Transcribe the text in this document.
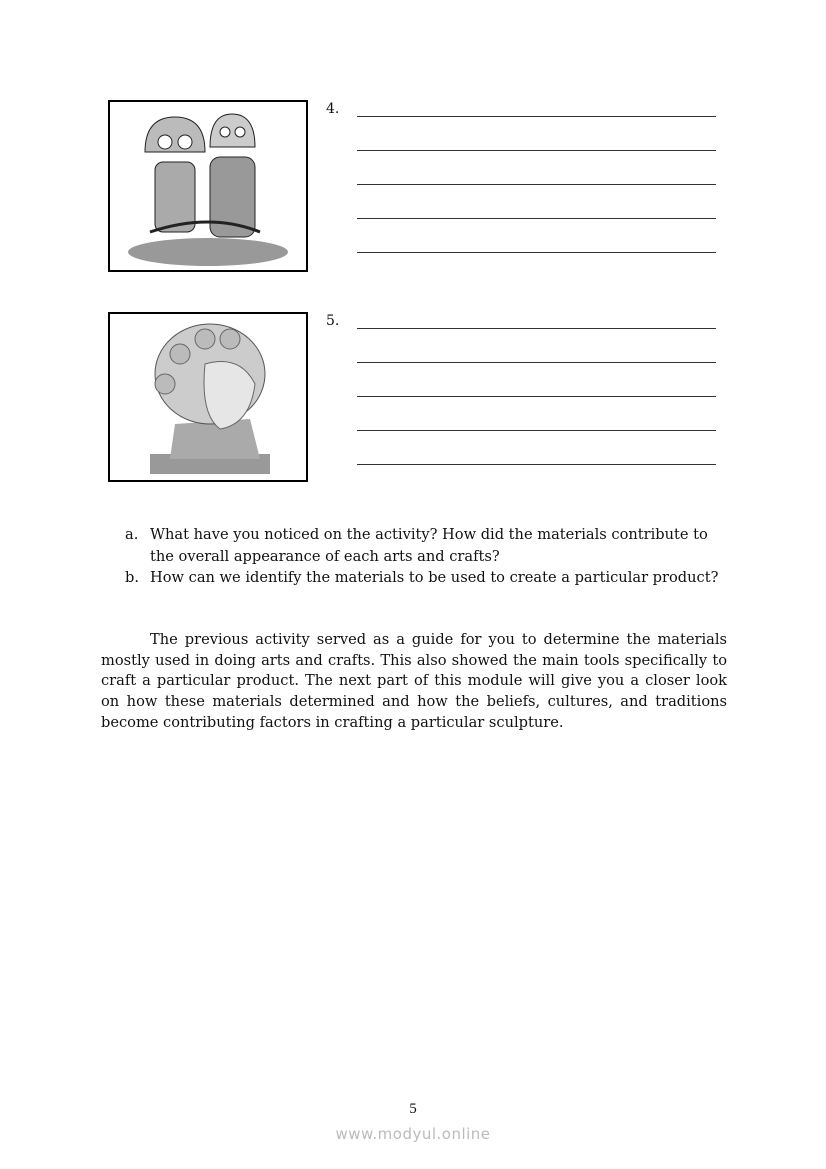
4.
5.
a. What have you noticed on the activity? How did the materials contribute to the overall appearance of each arts and crafts?
b. How can we identify the materials to be used to create a particular product?

The previous activity served as a guide for you to determine the materials mostly used in doing arts and crafts. This also showed the main tools specifically to craft a particular product. The next part of this module will give you a closer look on how these materials determined and how the beliefs, cultures, and traditions become contributing factors in crafting a particular sculpture.

5
www.modyul.online
